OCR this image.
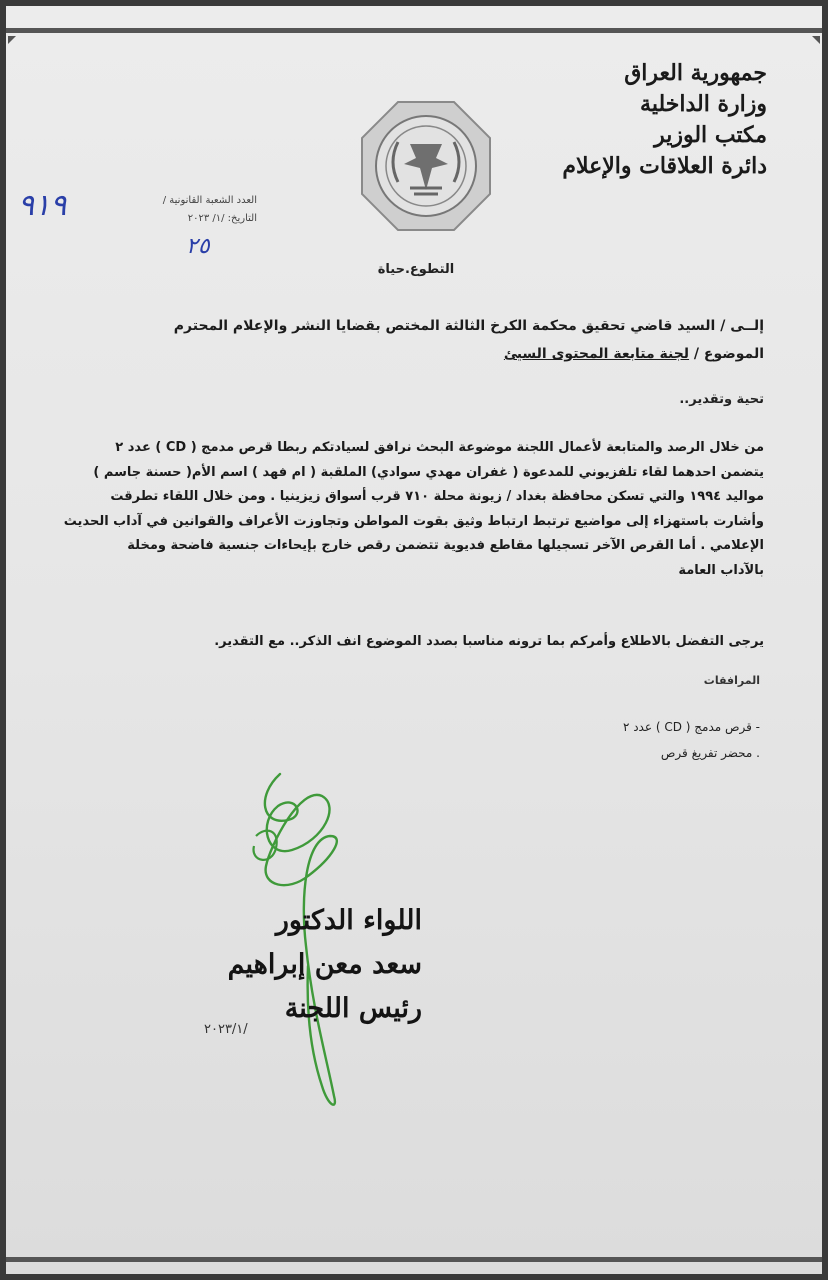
جمهورية العراق
وزارة الداخلية
مكتب الوزير
دائرة العلاقات والإعلام
العدد الشعبة القانونية /
التاريخ: /١/ ٢٠٢٣
٩١٩
٢٥
التطوع.حياة
إلــى / السيد قاضي تحقيق محكمة الكرخ الثالثة المختص بقضايا النشر والإعلام المحترم
الموضوع / لجنة متابعة المحتوى السيئ
تحية وتقدير..
من خلال الرصد والمتابعة لأعمال اللجنة موضوعة البحث نرافق لسيادتكم ربطا قرص مدمج ( CD ) عدد ٢
يتضمن احدهما لقاء تلفزيوني للمدعوة ( غفران مهدي سوادي) الملقبة ( ام فهد ) اسم الأم( حسنة جاسم )
مواليد ١٩٩٤ والتي تسكن محافظة بغداد / زيونة محلة ٧١٠ قرب أسواق زيزينيا . ومن خلال اللقاء تطرقت
وأشارت باستهزاء إلى مواضيع ترتبط ارتباط وثيق بقوت المواطن وتجاوزت الأعراف والقوانين في آداب الحديث
الإعلامي . أما القرص الآخر تسجيلها مقاطع فديوية تتضمن رقص خارج بإيحاءات جنسية فاضحة ومخلة
بالآداب العامة
يرجى التفضل بالاطلاع وأمركم بما ترونه مناسبا بصدد الموضوع انف الذكر.. مع التقدير.
المرافقات
- قرص مدمج ( CD ) عدد ٢
. محضر تفريغ قرص
اللواء الدكتور
سعد معن إبراهيم
رئيس اللجنة
/٢٠٢٣/١
